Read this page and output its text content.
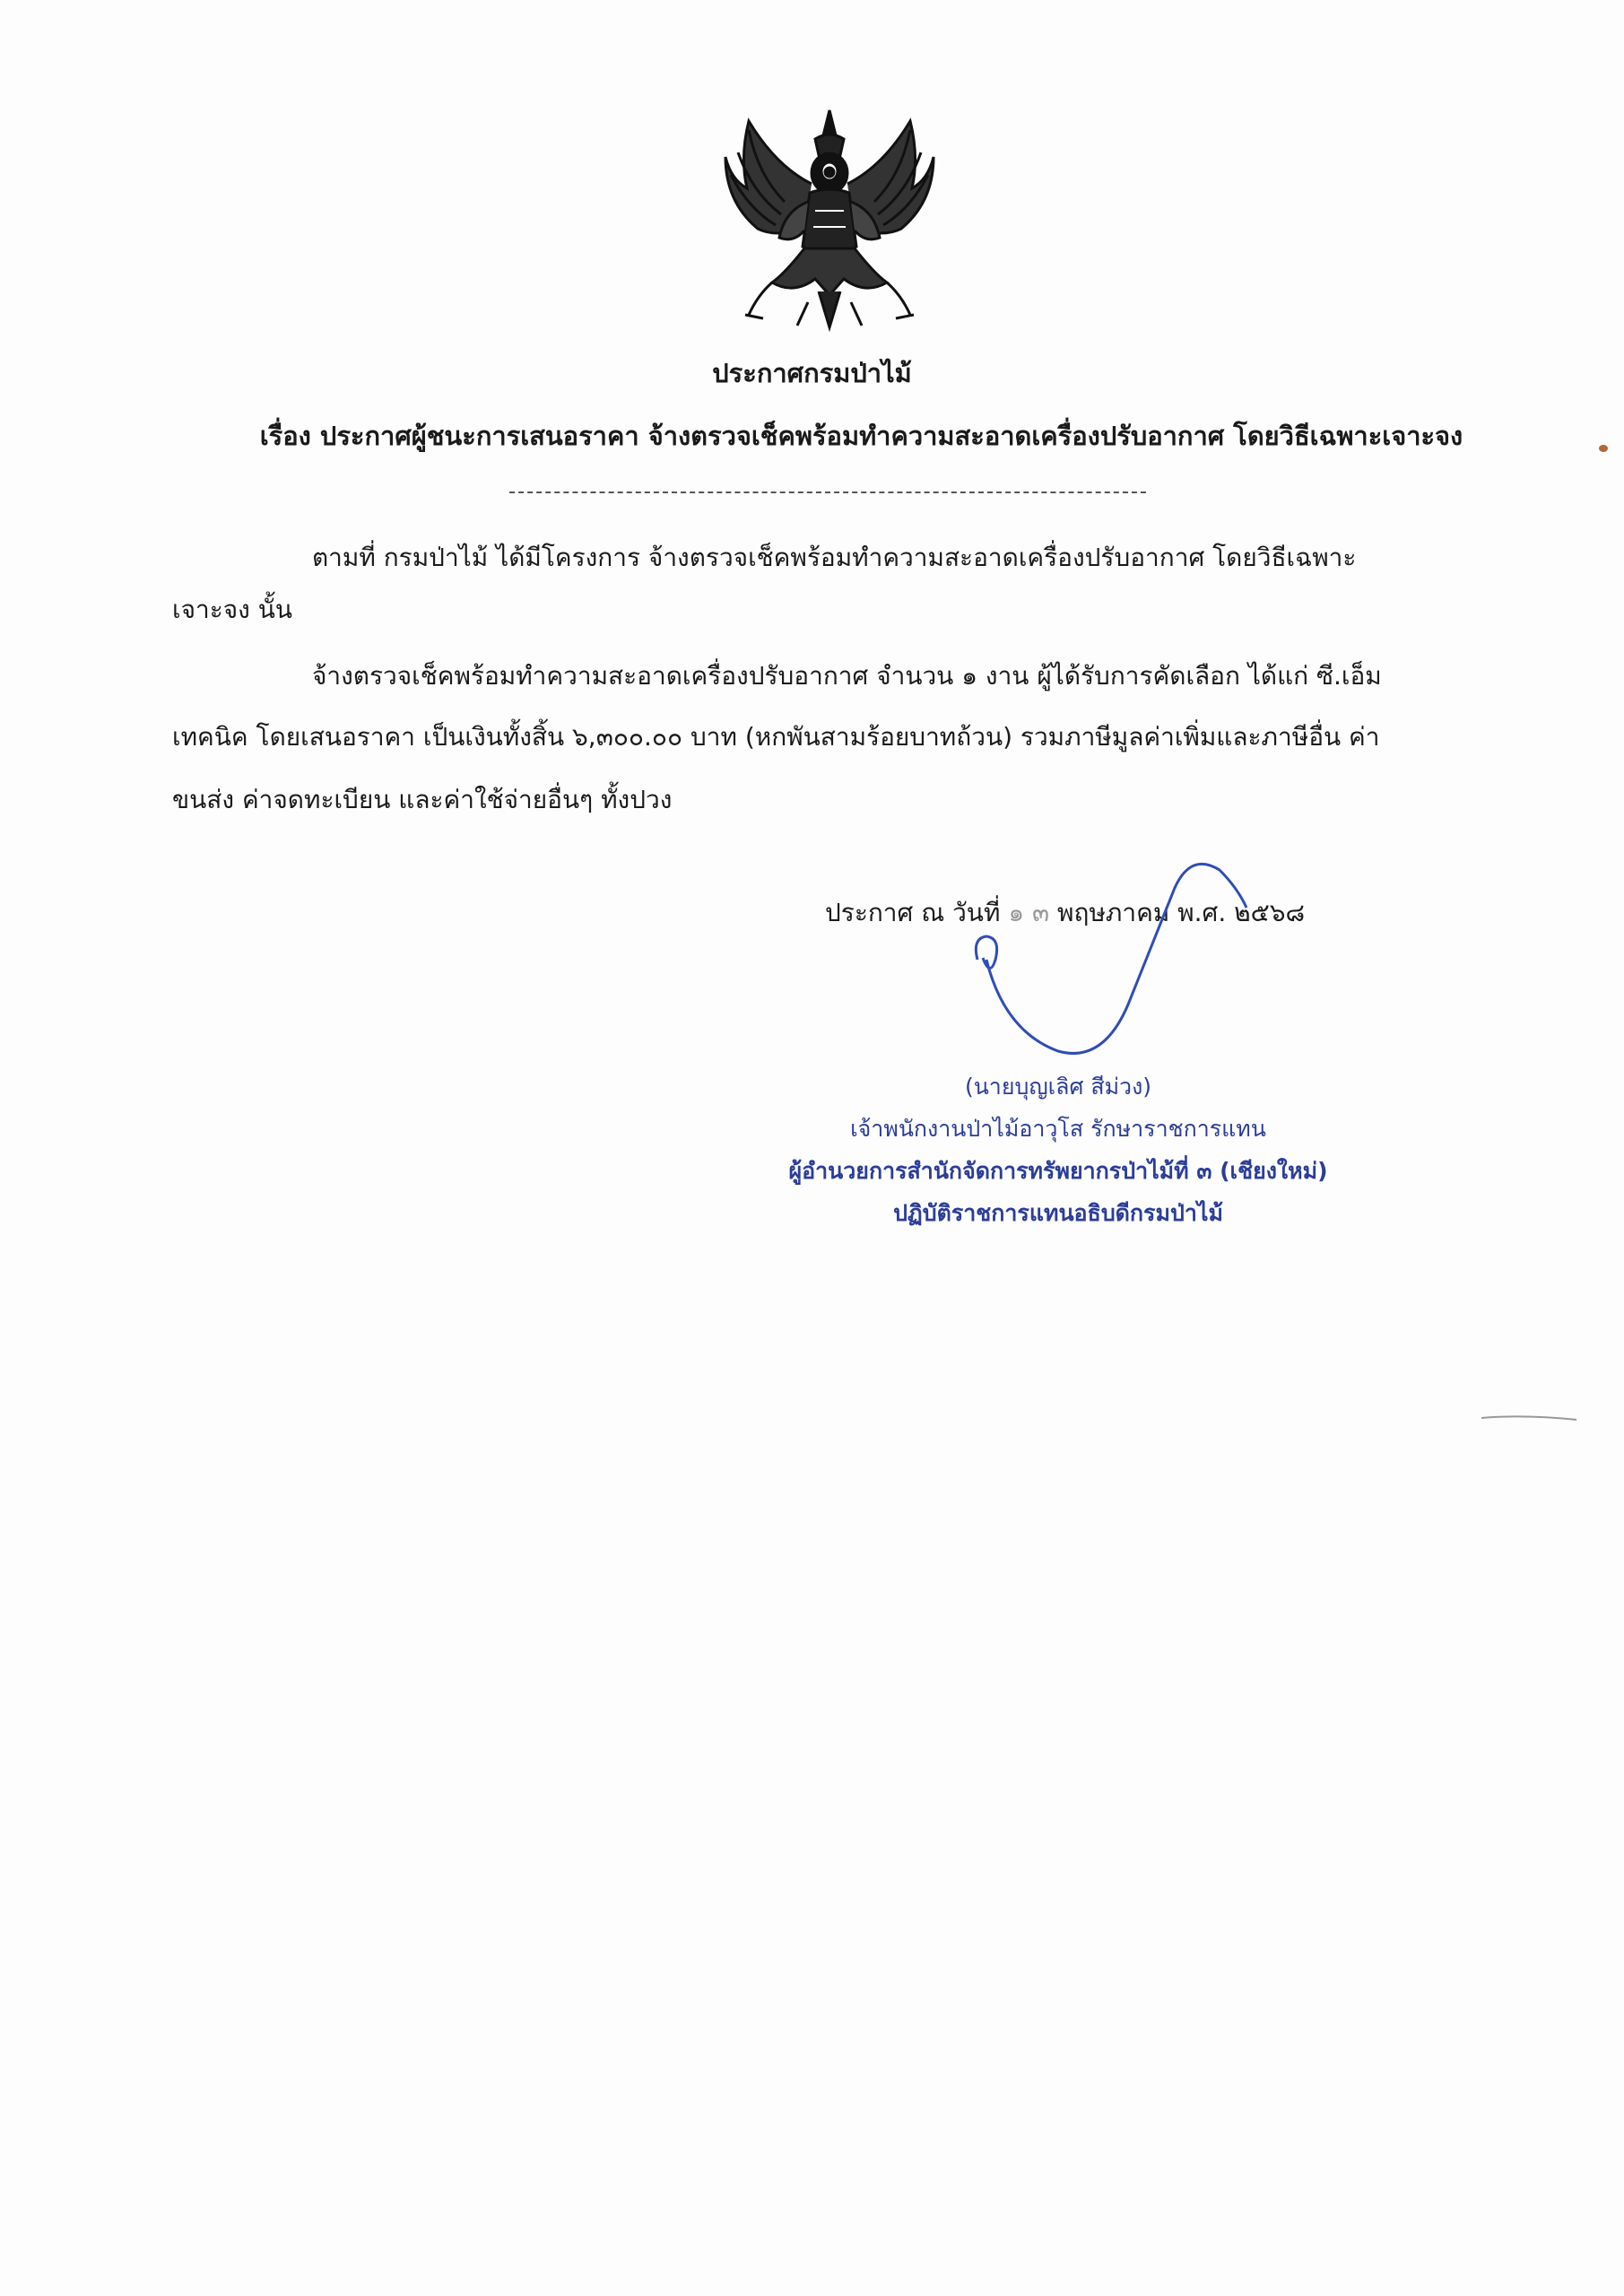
ประกาศกรมป่าไม้
เรื่อง ประกาศผู้ชนะการเสนอราคา จ้างตรวจเช็คพร้อมทำความสะอาดเครื่องปรับอากาศ โดยวิธีเฉพาะเจาะจง
ตามที่ กรมป่าไม้ ได้มีโครงการ จ้างตรวจเช็คพร้อมทำความสะอาดเครื่องปรับอากาศ โดยวิธีเฉพาะ
เจาะจง นั้น
จ้างตรวจเช็คพร้อมทำความสะอาดเครื่องปรับอากาศ จำนวน ๑ งาน ผู้ได้รับการคัดเลือก ได้แก่ ซี.เอ็ม
เทคนิค โดยเสนอราคา เป็นเงินทั้งสิ้น ๖,๓๐๐.๐๐ บาท (หกพันสามร้อยบาทถ้วน) รวมภาษีมูลค่าเพิ่มและภาษีอื่น ค่า
ขนส่ง ค่าจดทะเบียน และค่าใช้จ่ายอื่นๆ ทั้งปวง
ประกาศ ณ วันที่ ๑ ๓ พฤษภาคม พ.ศ. ๒๕๖๘
(นายบุญเลิศ สีม่วง)
เจ้าพนักงานป่าไม้อาวุโส รักษาราชการแทน
ผู้อำนวยการสำนักจัดการทรัพยากรป่าไม้ที่ ๓ (เชียงใหม่)
ปฏิบัติราชการแทนอธิบดีกรมป่าไม้
